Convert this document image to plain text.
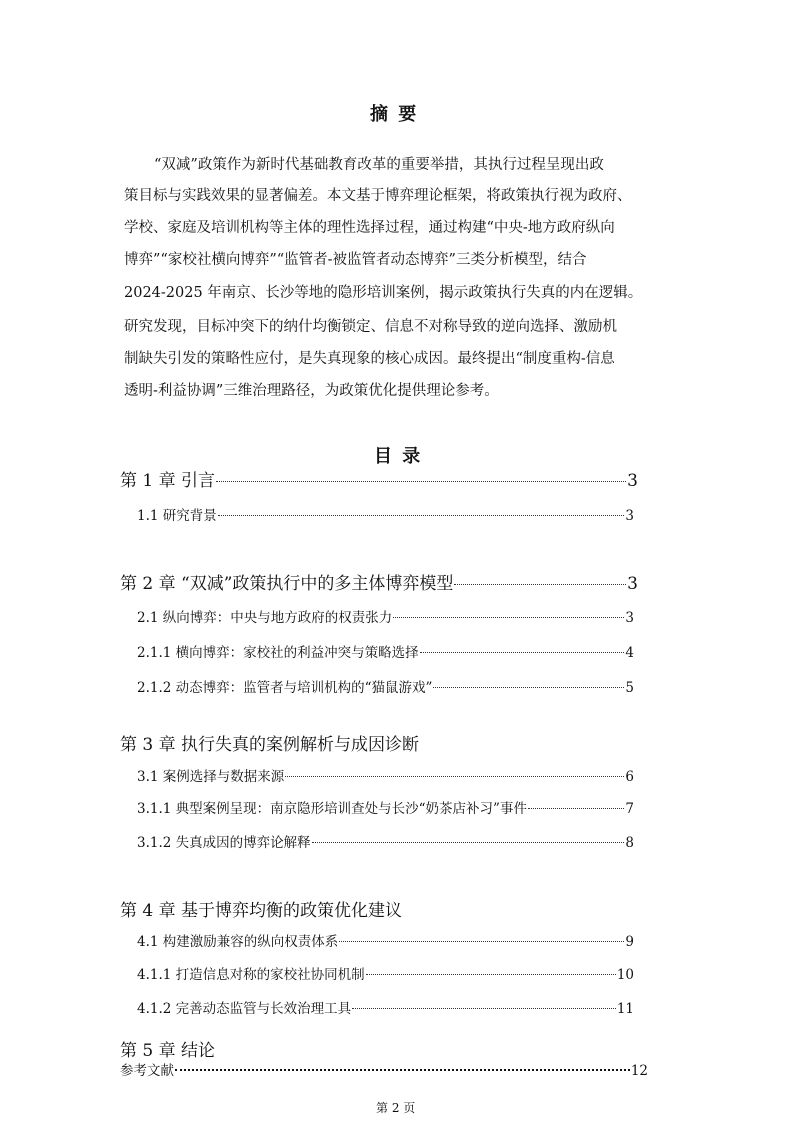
摘 要
“双减”政策作为新时代基础教育改革的重要举措，其执行过程呈现出政
策目标与实践效果的显著偏差。本文基于博弈理论框架，将政策执行视为政府、
学校、家庭及培训机构等主体的理性选择过程，通过构建“中央-地方政府纵向
博弈”“家校社横向博弈”“监管者-被监管者动态博弈”三类分析模型，结合
2024-2025 年南京、长沙等地的隐形培训案例，揭示政策执行失真的内在逻辑。
研究发现，目标冲突下的纳什均衡锁定、信息不对称导致的逆向选择、激励机
制缺失引发的策略性应付，是失真现象的核心成因。最终提出“制度重构-信息
透明-利益协调”三维治理路径，为政策优化提供理论参考。
目 录
第 1 章 引言	3
1.1 研究背景	3
第 2 章 “双减”政策执行中的多主体博弈模型	3
2.1 纵向博弈：中央与地方政府的权责张力	3
2.1.1 横向博弈：家校社的利益冲突与策略选择	4
2.1.2 动态博弈：监管者与培训机构的“猫鼠游戏”	5
第 3 章 执行失真的案例解析与成因诊断
3.1 案例选择与数据来源	6
3.1.1 典型案例呈现：南京隐形培训查处与长沙“奶茶店补习”事件	7
3.1.2 失真成因的博弈论解释	8
第 4 章 基于博弈均衡的政策优化建议
4.1 构建激励兼容的纵向权责体系	9
4.1.1 打造信息对称的家校社协同机制	10
4.1.2 完善动态监管与长效治理工具	11
第 5 章 结论
参考文献	12
第 2 页
